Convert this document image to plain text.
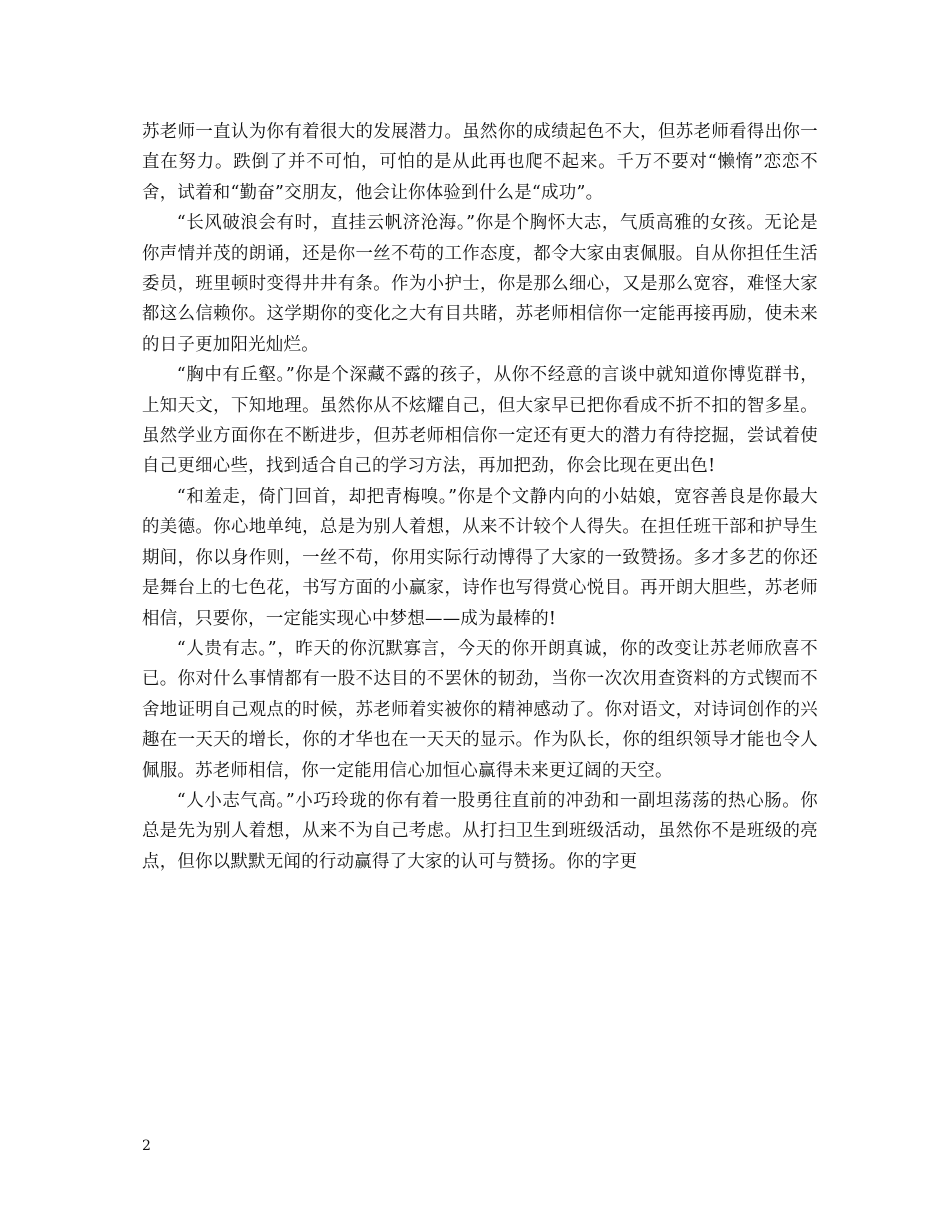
苏老师一直认为你有着很大的发展潜力。虽然你的成绩起色不大，但苏老师看得出你一直在努力。跌倒了并不可怕，可怕的是从此再也爬不起来。千万不要对“懒惰”恋恋不舍，试着和“勤奋”交朋友，他会让你体验到什么是“成功”。

“长风破浪会有时，直挂云帆济沧海。”你是个胸怀大志，气质高雅的女孩。无论是你声情并茂的朗诵，还是你一丝不苟的工作态度，都令大家由衷佩服。自从你担任生活委员，班里顿时变得井井有条。作为小护士，你是那么细心，又是那么宽容，难怪大家都这么信赖你。这学期你的变化之大有目共睹，苏老师相信你一定能再接再励，使未来的日子更加阳光灿烂。

“胸中有丘壑。”你是个深藏不露的孩子，从你不经意的言谈中就知道你博览群书，上知天文，下知地理。虽然你从不炫耀自己，但大家早已把你看成不折不扣的智多星。虽然学业方面你在不断进步，但苏老师相信你一定还有更大的潜力有待挖掘，尝试着使自己更细心些，找到适合自己的学习方法，再加把劲，你会比现在更出色!

“和羞走，倚门回首，却把青梅嗅。”你是个文静内向的小姑娘，宽容善良是你最大的美德。你心地单纯，总是为别人着想，从来不计较个人得失。在担任班干部和护导生期间，你以身作则，一丝不苟，你用实际行动博得了大家的一致赞扬。多才多艺的你还是舞台上的七色花，书写方面的小赢家，诗作也写得赏心悦目。再开朗大胆些，苏老师相信，只要你，一定能实现心中梦想——成为最棒的!

“人贵有志。”，昨天的你沉默寡言，今天的你开朗真诚，你的改变让苏老师欣喜不已。你对什么事情都有一股不达目的不罢休的韧劲，当你一次次用查资料的方式锲而不舍地证明自己观点的时候，苏老师着实被你的精神感动了。你对语文，对诗词创作的兴趣在一天天的增长，你的才华也在一天天的显示。作为队长，你的组织领导才能也令人佩服。苏老师相信，你一定能用信心加恒心赢得未来更辽阔的天空。

“人小志气高。”小巧玲珑的你有着一股勇往直前的冲劲和一副坦荡荡的热心肠。你总是先为别人着想，从来不为自己考虑。从打扫卫生到班级活动，虽然你不是班级的亮点，但你以默默无闻的行动赢得了大家的认可与赞扬。你的字更

2
